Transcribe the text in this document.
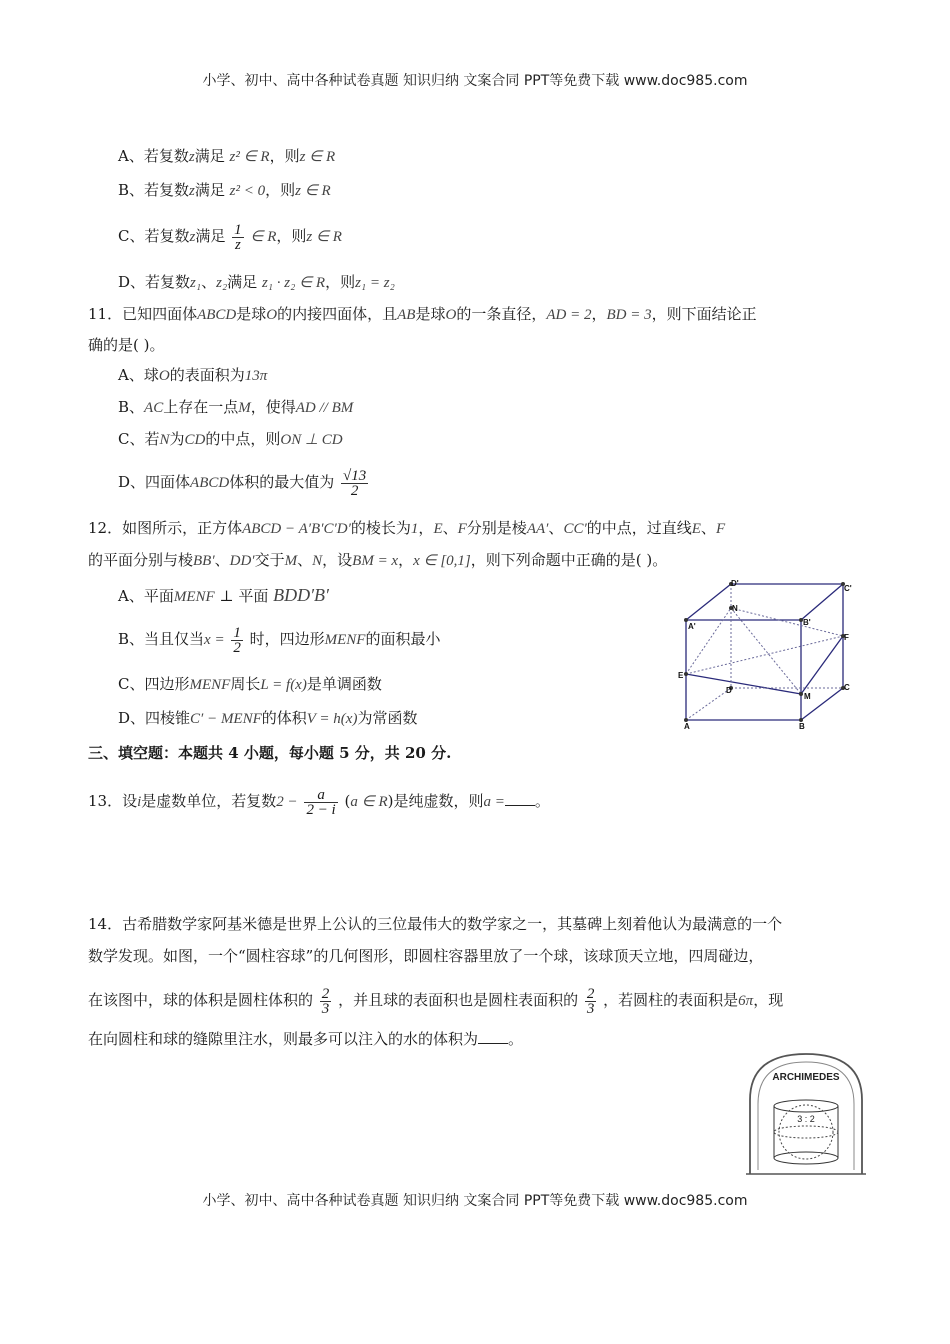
小学、初中、高中各种试卷真题 知识归纳 文案合同 PPT等免费下载 www.doc985.com
A、若复数z满足 z² ∈ R，则z ∈ R
B、若复数z满足 z² < 0，则z ∈ R
C、若复数z满足 $\frac{1}{z}$ ∈ R，则z ∈ R
D、若复数z₁、z₂满足 z₁ · z₂ ∈ R，则z₁ = z₂
11．已知四面体ABCD是球O的内接四面体，且AB是球O的一条直径，AD = 2，BD = 3，则下面结论正
确的是( )。
A、球O的表面积为13π
B、AC上存在一点M，使得AD // BM
C、若N为CD的中点，则ON ⊥ CD
D、四面体ABCD体积的最大值为 $\frac{√13}{2}$
12．如图所示，正方体ABCD − A′B′C′D′的棱长为1，E、F分别是棱AA′、CC′的中点，过直线E、F
的平面分别与棱BB′、DD′交于M、N，设BM = x，x ∈ [0,1]，则下列命题中正确的是( )。
A、平面MENF ⊥ 平面 BDD′B′
B、当且仅当$x = \frac{1}{2}$ 时，四边形MENF的面积最小
C、四边形MENF周长L = f(x)是单调函数
D、四棱锥C′ − MENF的体积V = h(x)为常函数
D'
C'
N
A'	B'
F
E
D
M
C
A	B
三、填空题：本题共 4 小题，每小题 5 分，共 20 分.
13．设i是虚数单位，若复数$2 - \frac{a}{2 - i} (a$ ∈ R)是纯虚数，则a = 。
14．古希腊数学家阿基米德是世界上公认的三位最伟大的数学家之一，其墓碑上刻着他认为最满意的一个
数学发现。如图，一个“圆柱容球”的几何图形，即圆柱容器里放了一个球，该球顶天立地，四周碰边，
在该图中，球的体积是圆柱体积的 $\frac{2}{3}$ ，并且球的表面积也是圆柱表面积的 $\frac{2}{3}$ ，若圆柱的表面积是6π，现
在向圆柱和球的缝隙里注水，则最多可以注入的水的体积为 。
ARCHIMEDES
3 : 2
小学、初中、高中各种试卷真题 知识归纳 文案合同 PPT等免费下载 www.doc985.com
